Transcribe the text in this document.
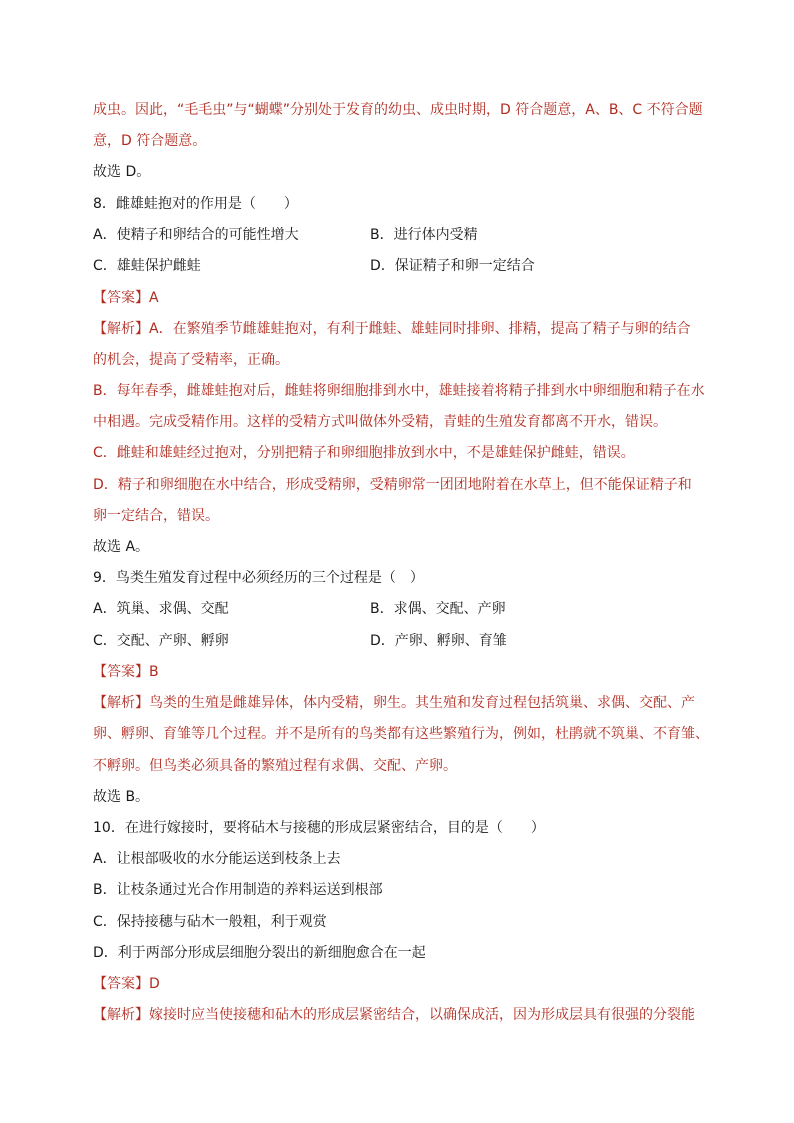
成虫。因此，“毛毛虫”与“蝴蝶”分别处于发育的幼虫、成虫时期，D 符合题意，A、B、C 不符合题
意，D 符合题意。
故选 D。
8．雌雄蛙抱对的作用是（　　）
A．使精子和卵结合的可能性增大	B．进行体内受精
C．雄蛙保护雌蛙	D．保证精子和卵一定结合
【答案】A
【解析】A．在繁殖季节雌雄蛙抱对，有利于雌蛙、雄蛙同时排卵、排精，提高了精子与卵的结合
的机会，提高了受精率，正确。
B．每年春季，雌雄蛙抱对后，雌蛙将卵细胞排到水中，雄蛙接着将精子排到水中卵细胞和精子在水
中相遇。完成受精作用。这样的受精方式叫做体外受精，青蛙的生殖发育都离不开水，错误。
C．雌蛙和雄蛙经过抱对，分别把精子和卵细胞排放到水中，不是雄蛙保护雌蛙，错误。
D．精子和卵细胞在水中结合，形成受精卵，受精卵常一团团地附着在水草上，但不能保证精子和
卵一定结合，错误。
故选 A。
9．鸟类生殖发育过程中必须经历的三个过程是（　）
A．筑巢、求偶、交配	B．求偶、交配、产卵
C．交配、产卵、孵卵	D．产卵、孵卵、育雏
【答案】B
【解析】鸟类的生殖是雌雄异体，体内受精，卵生。其生殖和发育过程包括筑巢、求偶、交配、产
卵、孵卵、育雏等几个过程。并不是所有的鸟类都有这些繁殖行为，例如，杜鹃就不筑巢、不育雏、
不孵卵。但鸟类必须具备的繁殖过程有求偶、交配、产卵。
故选 B。
10．在进行嫁接时，要将砧木与接穗的形成层紧密结合，目的是（　　）
A．让根部吸收的水分能运送到枝条上去
B．让枝条通过光合作用制造的养料运送到根部
C．保持接穗与砧木一般粗，利于观赏
D．利于两部分形成层细胞分裂出的新细胞愈合在一起
【答案】D
【解析】嫁接时应当使接穗和砧木的形成层紧密结合，以确保成活，因为形成层具有很强的分裂能
